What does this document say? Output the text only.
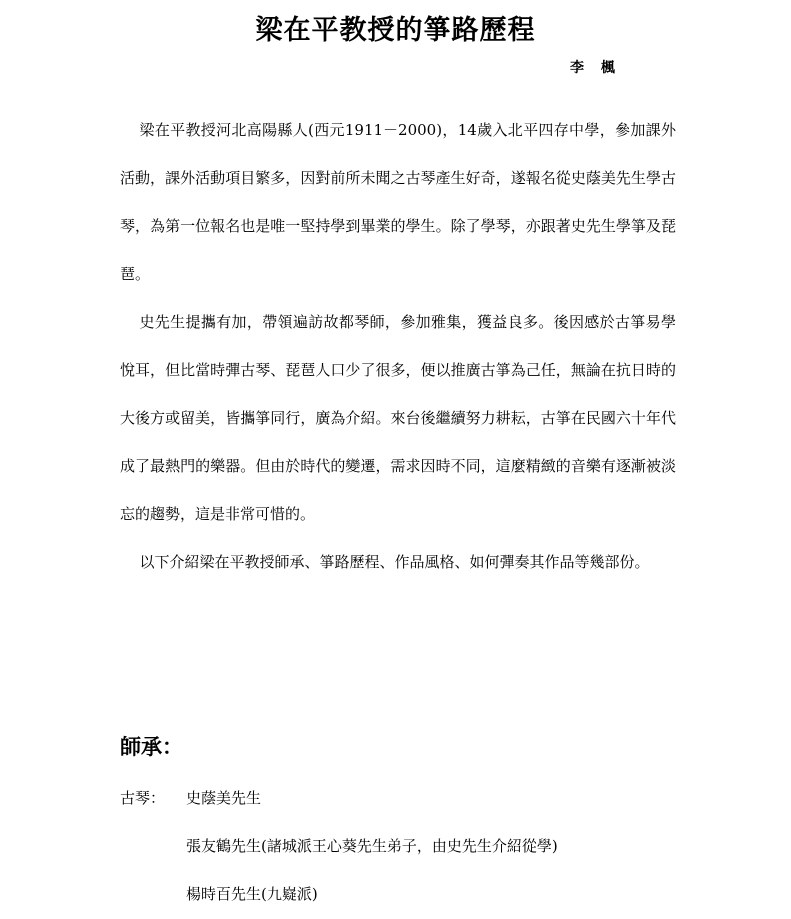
梁在平教授的箏路歷程
李 楓

梁在平教授河北高陽縣人(西元1911－2000)，14歲入北平四存中學，參加課外活動，課外活動項目繁多，因對前所未聞之古琴產生好奇，遂報名從史蔭美先生學古琴，為第一位報名也是唯一堅持學到畢業的學生。除了學琴，亦跟著史先生學箏及琵琶。

史先生提攜有加，帶領遍訪故都琴師，參加雅集，獲益良多。後因感於古箏易學悅耳，但比當時彈古琴、琵琶人口少了很多，便以推廣古箏為己任，無論在抗日時的大後方或留美，皆攜箏同行，廣為介紹。來台後繼續努力耕耘，古箏在民國六十年代成了最熱門的樂器。但由於時代的變遷，需求因時不同，這麼精緻的音樂有逐漸被淡忘的趨勢，這是非常可惜的。

以下介紹梁在平教授師承、箏路歷程、作品風格、如何彈奏其作品等幾部份。

師承：
古琴：	史蔭美先生
張友鶴先生(諸城派王心葵先生弟子，由史先生介紹從學)
楊時百先生(九嶷派)
